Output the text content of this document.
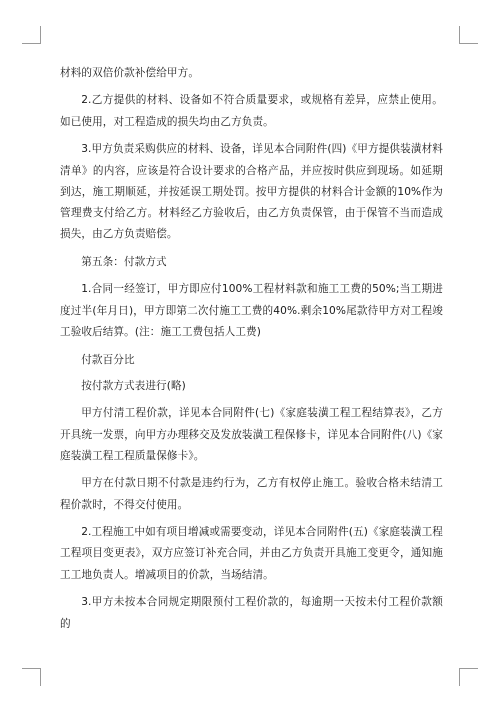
材料的双倍价款补偿给甲方。

2.乙方提供的材料、设备如不符合质量要求，或规格有差异，应禁止使用。如已使用，对工程造成的损失均由乙方负责。

3.甲方负责采购供应的材料、设备，详见本合同附件(四)《甲方提供装潢材料清单》的内容，应该是符合设计要求的合格产品，并应按时供应到现场。如延期到达，施工期顺延，并按延误工期处罚。按甲方提供的材料合计金额的10%作为管理费支付给乙方。材料经乙方验收后，由乙方负责保管，由于保管不当而造成损失，由乙方负责赔偿。

第五条：付款方式

1.合同一经签订，甲方即应付100%工程材料款和施工工费的50%;当工期进度过半(年月日)，甲方即第二次付施工工费的40%.剩余10%尾款待甲方对工程竣工验收后结算。(注：施工工费包括人工费)

付款百分比

按付款方式表进行(略)

甲方付清工程价款，详见本合同附件(七)《家庭装潢工程工程结算表》，乙方开具统一发票，向甲方办理移交及发放装潢工程保修卡，详见本合同附件(八)《家庭装潢工程工程质量保修卡》。

甲方在付款日期不付款是违约行为，乙方有权停止施工。验收合格未结清工程价款时，不得交付使用。

2.工程施工中如有项目增减或需要变动，详见本合同附件(五)《家庭装潢工程工程项目变更表》，双方应签订补充合同，并由乙方负责开具施工变更令，通知施工工地负责人。增减项目的价款，当场结清。

3.甲方未按本合同规定期限预付工程价款的，每逾期一天按未付工程价款额的
